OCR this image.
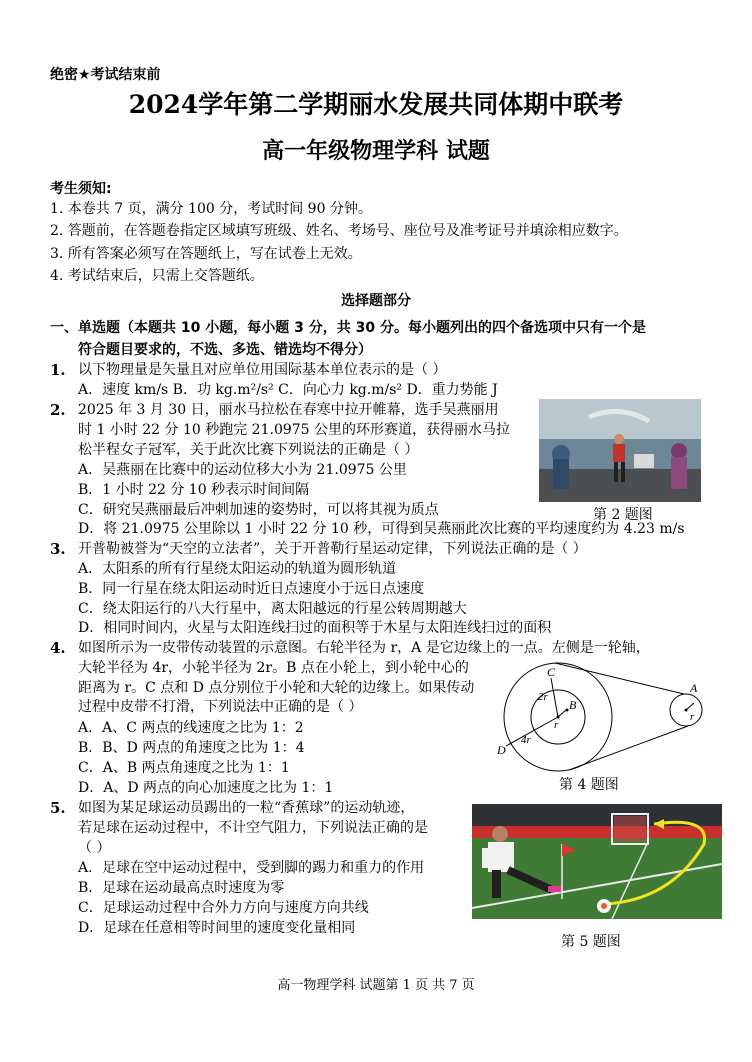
绝密★考试结束前
2024学年第二学期丽水发展共同体期中联考
高一年级物理学科 试题
考生须知:
1. 本卷共 7 页，满分 100 分，考试时间 90 分钟。
2. 答题前，在答题卷指定区域填写班级、姓名、考场号、座位号及准考证号并填涂相应数字。
3. 所有答案必须写在答题纸上，写在试卷上无效。
4. 考试结束后，只需上交答题纸。
选择题部分
一、单选题（本题共 10 小题，每小题 3 分，共 30 分。每小题列出的四个备选项中只有一个是
符合题目要求的，不选、多选、错选均不得分）
1. 以下物理量是矢量且对应单位用国际基本单位表示的是（ ）
A．速度 km/s B．功 kg.m²/s² C．向心力 kg.m/s² D．重力势能 J
2. 2025 年 3 月 30 日，丽水马拉松在春寒中拉开帷幕，选手吴燕丽用
时 1 小时 22 分 10 秒跑完 21.0975 公里的环形赛道，获得丽水马拉
松半程女子冠军，关于此次比赛下列说法的正确是（ ）
A．吴燕丽在比赛中的运动位移大小为 21.0975 公里
B．1 小时 22 分 10 秒表示时间间隔
C．研究吴燕丽最后冲刺加速的姿势时，可以将其视为质点
D．将 21.0975 公里除以 1 小时 22 分 10 秒，可得到吴燕丽此次比赛的平均速度约为 4.23 m/s
第 2 题图
3. 开普勒被誉为“天空的立法者”，关于开普勒行星运动定律，下列说法正确的是（ ）
A．太阳系的所有行星绕太阳运动的轨道为圆形轨道
B．同一行星在绕太阳运动时近日点速度小于远日点速度
C．绕太阳运行的八大行星中，离太阳越远的行星公转周期越大
D．相同时间内，火星与太阳连线扫过的面积等于木星与太阳连线扫过的面积
4. 如图所示为一皮带传动装置的示意图。右轮半径为 r，A 是它边缘上的一点。左侧是一轮轴，
大轮半径为 4r，小轮半径为 2r。B 点在小轮上，到小轮中心的
距离为 r。C 点和 D 点分别位于小轮和大轮的边缘上。如果传动
过程中皮带不打滑，下列说法中正确的是（ ）
A．A、C 两点的线速度之比为 1：2
B．B、D 两点的角速度之比为 1：4
C．A、B 两点角速度之比为 1：1
D．A、D 两点的向心加速度之比为 1：1
C
2r
B
r
4r
D
r
A
第 4 题图
5. 如图为某足球运动员踢出的一粒“香蕉球”的运动轨迹，
若足球在运动过程中，不计空气阻力，下列说法正确的是
（ ）
A．足球在空中运动过程中，受到脚的踢力和重力的作用
B．足球在运动最高点时速度为零
C．足球运动过程中合外力方向与速度方向共线
D．足球在任意相等时间里的速度变化量相同
第 5 题图
高一物理学科 试题第 1 页 共 7 页
